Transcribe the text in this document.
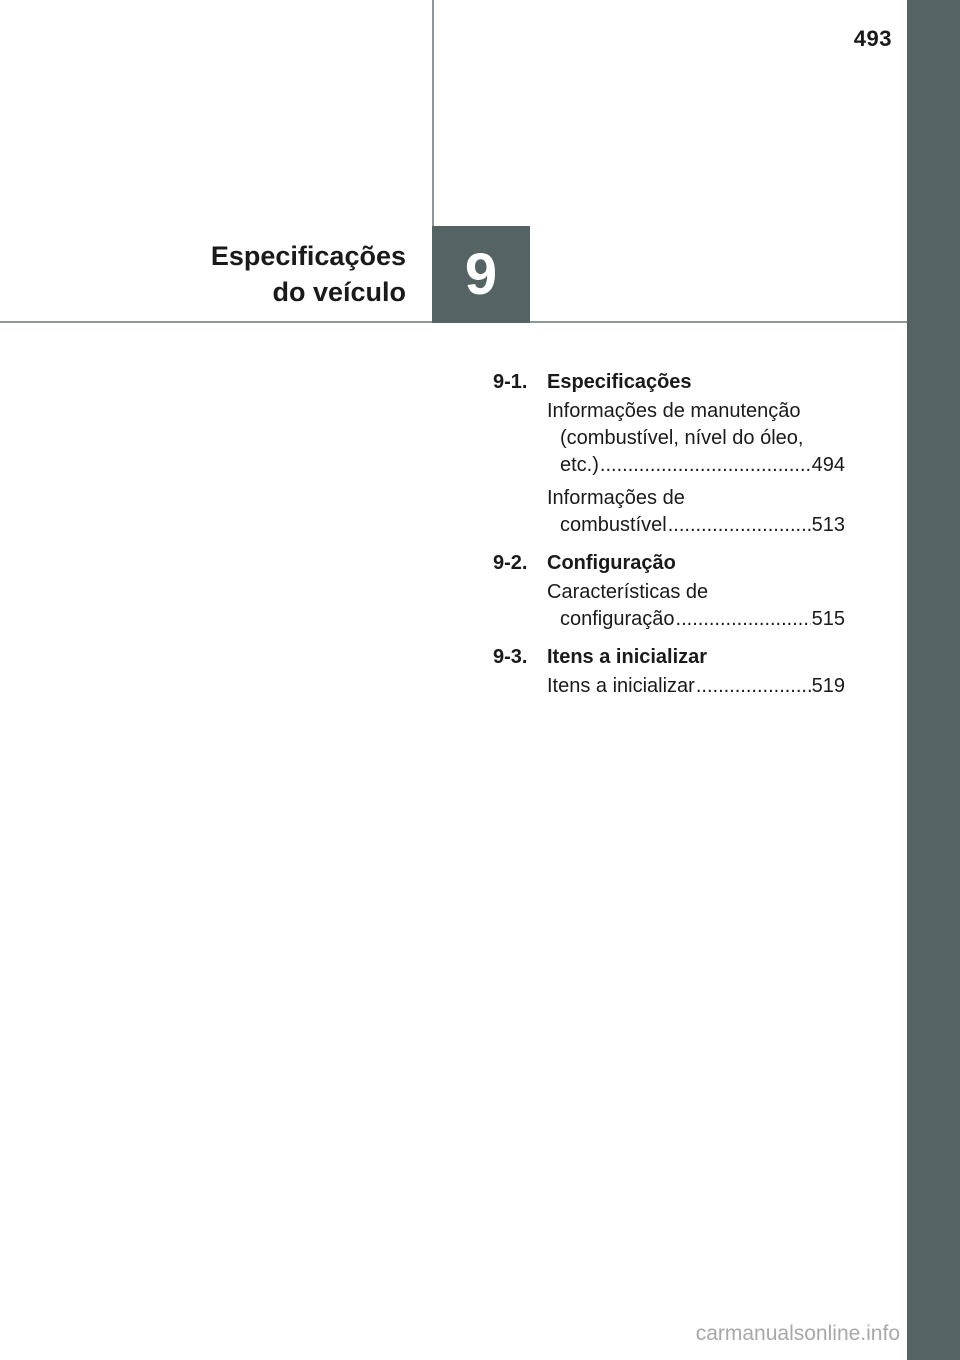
493
9
Especificações
do veículo
9-1. Especificações
Informações de manutenção
(combustível, nível do óleo,
etc.) .....	494
Informações de
combustível .....	513
9-2. Configuração
Características de
configuração .....	515
9-3. Itens a inicializar
Itens a inicializar .....	519
carmanualsonline.info
